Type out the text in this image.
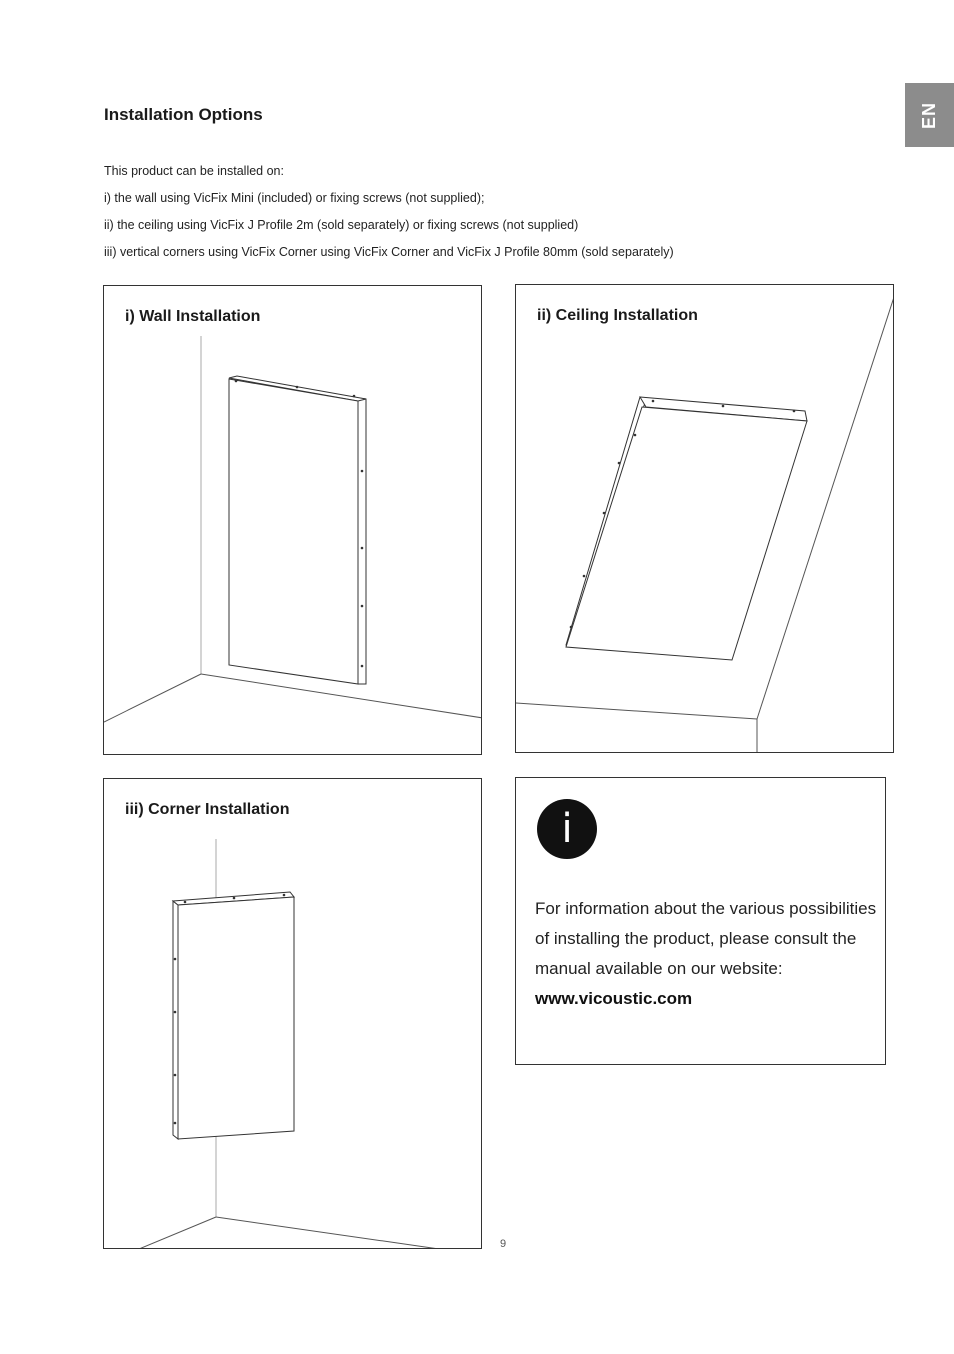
EN
Installation Options
This product can be installed on:
i) the wall using VicFix Mini (included) or fixing screws (not supplied);
ii) the ceiling using VicFix J Profile 2m (sold separately) or fixing screws (not supplied)
iii) vertical corners using VicFix Corner using VicFix Corner and VicFix J Profile 80mm (sold separately)
i) Wall Installation	ii) Ceiling Installation
iii) Corner Installation	i

For information about the various possibilities of installing the product, please consult the manual available on our website:  www.vicoustic.com

9
